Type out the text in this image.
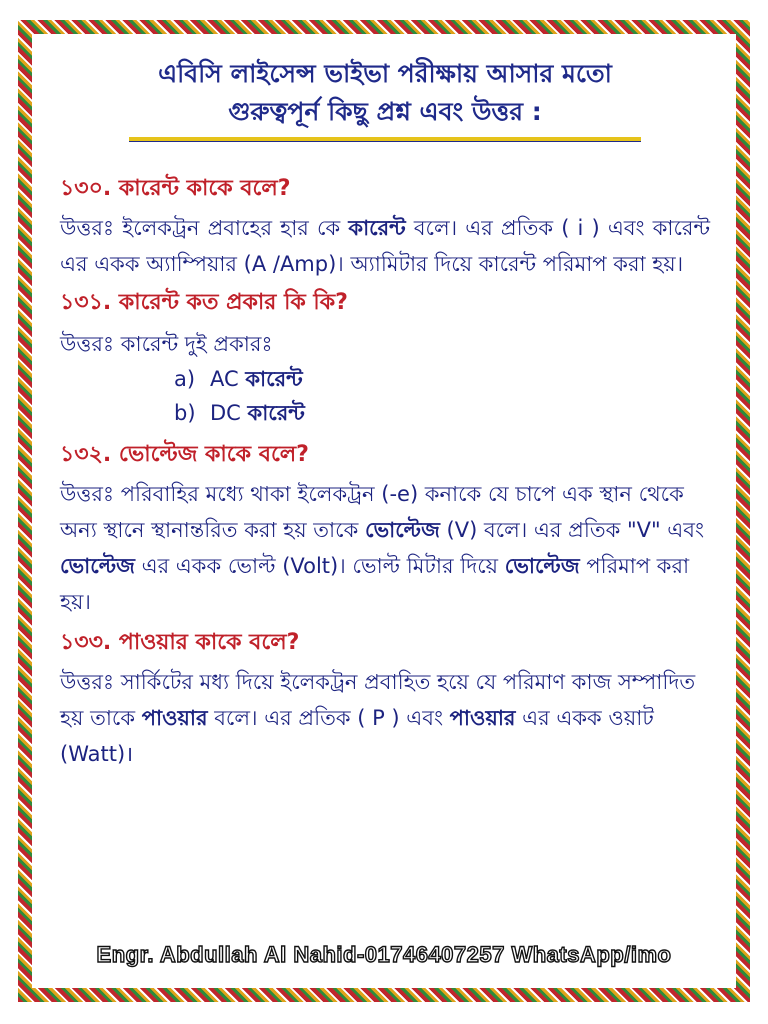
এবিসি লাইসেন্স ভাইভা পরীক্ষায় আসার মতো

গুরুত্বপূর্ন কিছু প্রশ্ন এবং উত্তর :

১৩০. কারেন্ট কাকে বলে?

উত্তরঃ ইলেকট্রন প্রবাহের হার কে কারেন্ট বলে। এর প্রতিক ( i ) এবং কারেন্ট এর একক অ্যাম্পিয়ার (A /Amp)। অ্যামিটার দিয়ে কারেন্ট পরিমাপ করা হয়।

১৩১. কারেন্ট কত প্রকার কি কি?

উত্তরঃ কারেন্ট দুই প্রকারঃ

a) AC কারেন্ট
b) DC কারেন্ট

১৩২. ভোল্টেজ কাকে বলে?

উত্তরঃ পরিবাহির মধ্যে থাকা ইলেকট্রন (-e) কনাকে যে চাপে এক স্থান থেকে অন্য স্থানে স্থানান্তরিত করা হয় তাকে ভোল্টেজ (V) বলে। এর প্রতিক "V" এবং ভোল্টেজ এর একক ভোল্ট (Volt)। ভোল্ট মিটার দিয়ে ভোল্টেজ পরিমাপ করা হয়।

১৩৩. পাওয়ার কাকে বলে?

উত্তরঃ সার্কিটের মধ্য দিয়ে ইলেকট্রন প্রবাহিত হয়ে যে পরিমাণ কাজ সম্পাদিত হয় তাকে পাওয়ার বলে। এর প্রতিক ( P ) এবং পাওয়ার এর একক ওয়াট (Watt)।

Engr. Abdullah Al Nahid-01746407257 WhatsApp/imo
